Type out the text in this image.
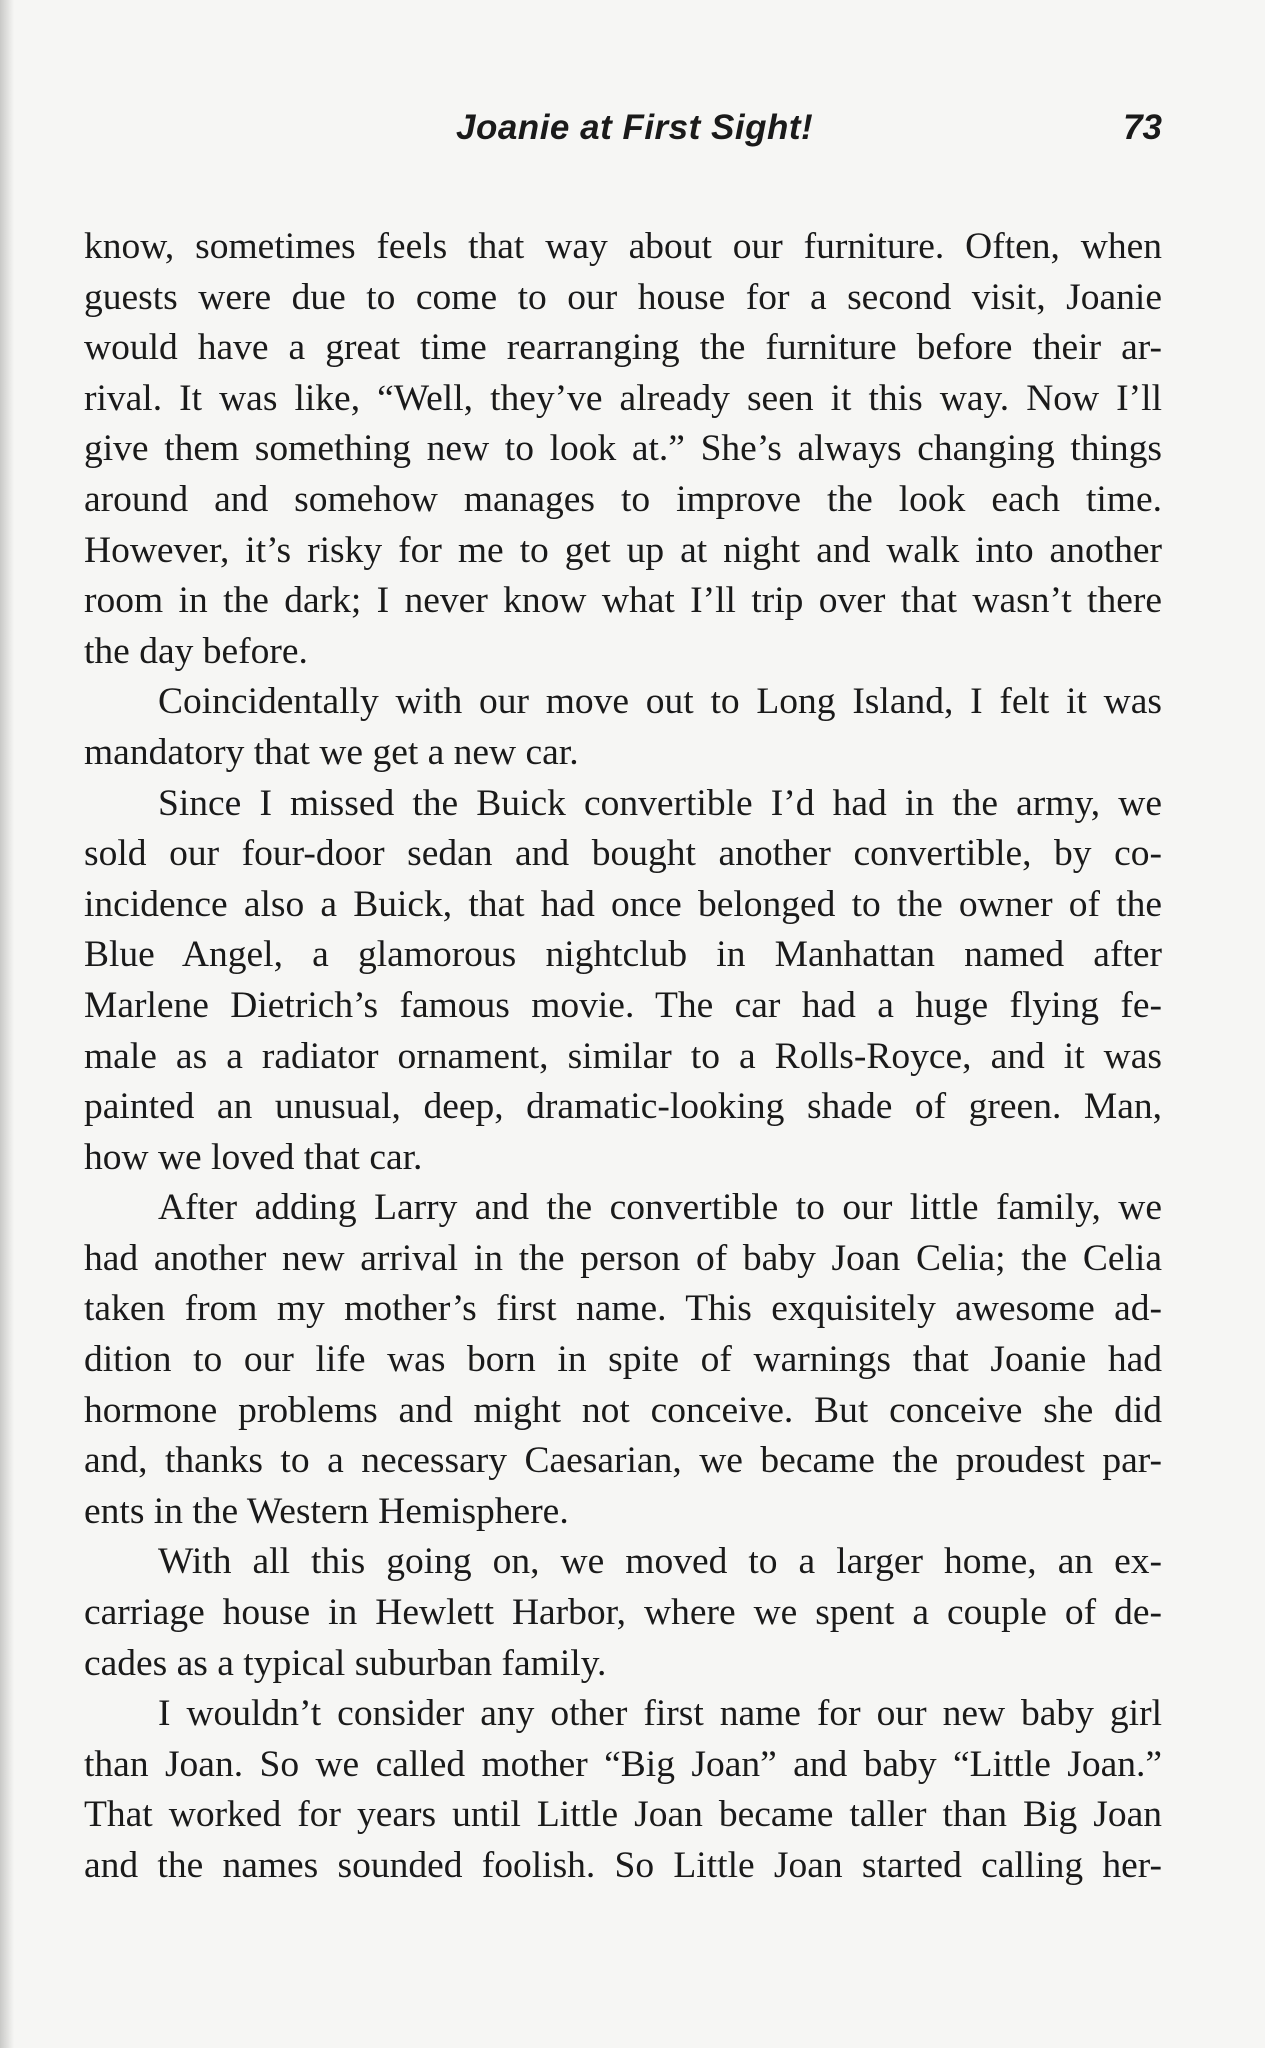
Joanie at First Sight!	73
know, sometimes feels that way about our furniture. Often, when
guests were due to come to our house for a second visit, Joanie
would have a great time rearranging the furniture before their ar-
rival. It was like, “Well, they’ve already seen it this way. Now I’ll
give them something new to look at.” She’s always changing things
around and somehow manages to improve the look each time.
However, it’s risky for me to get up at night and walk into another
room in the dark; I never know what I’ll trip over that wasn’t there
the day before.
Coincidentally with our move out to Long Island, I felt it was
mandatory that we get a new car.
Since I missed the Buick convertible I’d had in the army, we
sold our four-door sedan and bought another convertible, by co-
incidence also a Buick, that had once belonged to the owner of the
Blue Angel, a glamorous nightclub in Manhattan named after
Marlene Dietrich’s famous movie. The car had a huge flying fe-
male as a radiator ornament, similar to a Rolls-Royce, and it was
painted an unusual, deep, dramatic-looking shade of green. Man,
how we loved that car.
After adding Larry and the convertible to our little family, we
had another new arrival in the person of baby Joan Celia; the Celia
taken from my mother’s first name. This exquisitely awesome ad-
dition to our life was born in spite of warnings that Joanie had
hormone problems and might not conceive. But conceive she did
and, thanks to a necessary Caesarian, we became the proudest par-
ents in the Western Hemisphere.
With all this going on, we moved to a larger home, an ex-
carriage house in Hewlett Harbor, where we spent a couple of de-
cades as a typical suburban family.
I wouldn’t consider any other first name for our new baby girl
than Joan. So we called mother “Big Joan” and baby “Little Joan.”
That worked for years until Little Joan became taller than Big Joan
and the names sounded foolish. So Little Joan started calling her-
